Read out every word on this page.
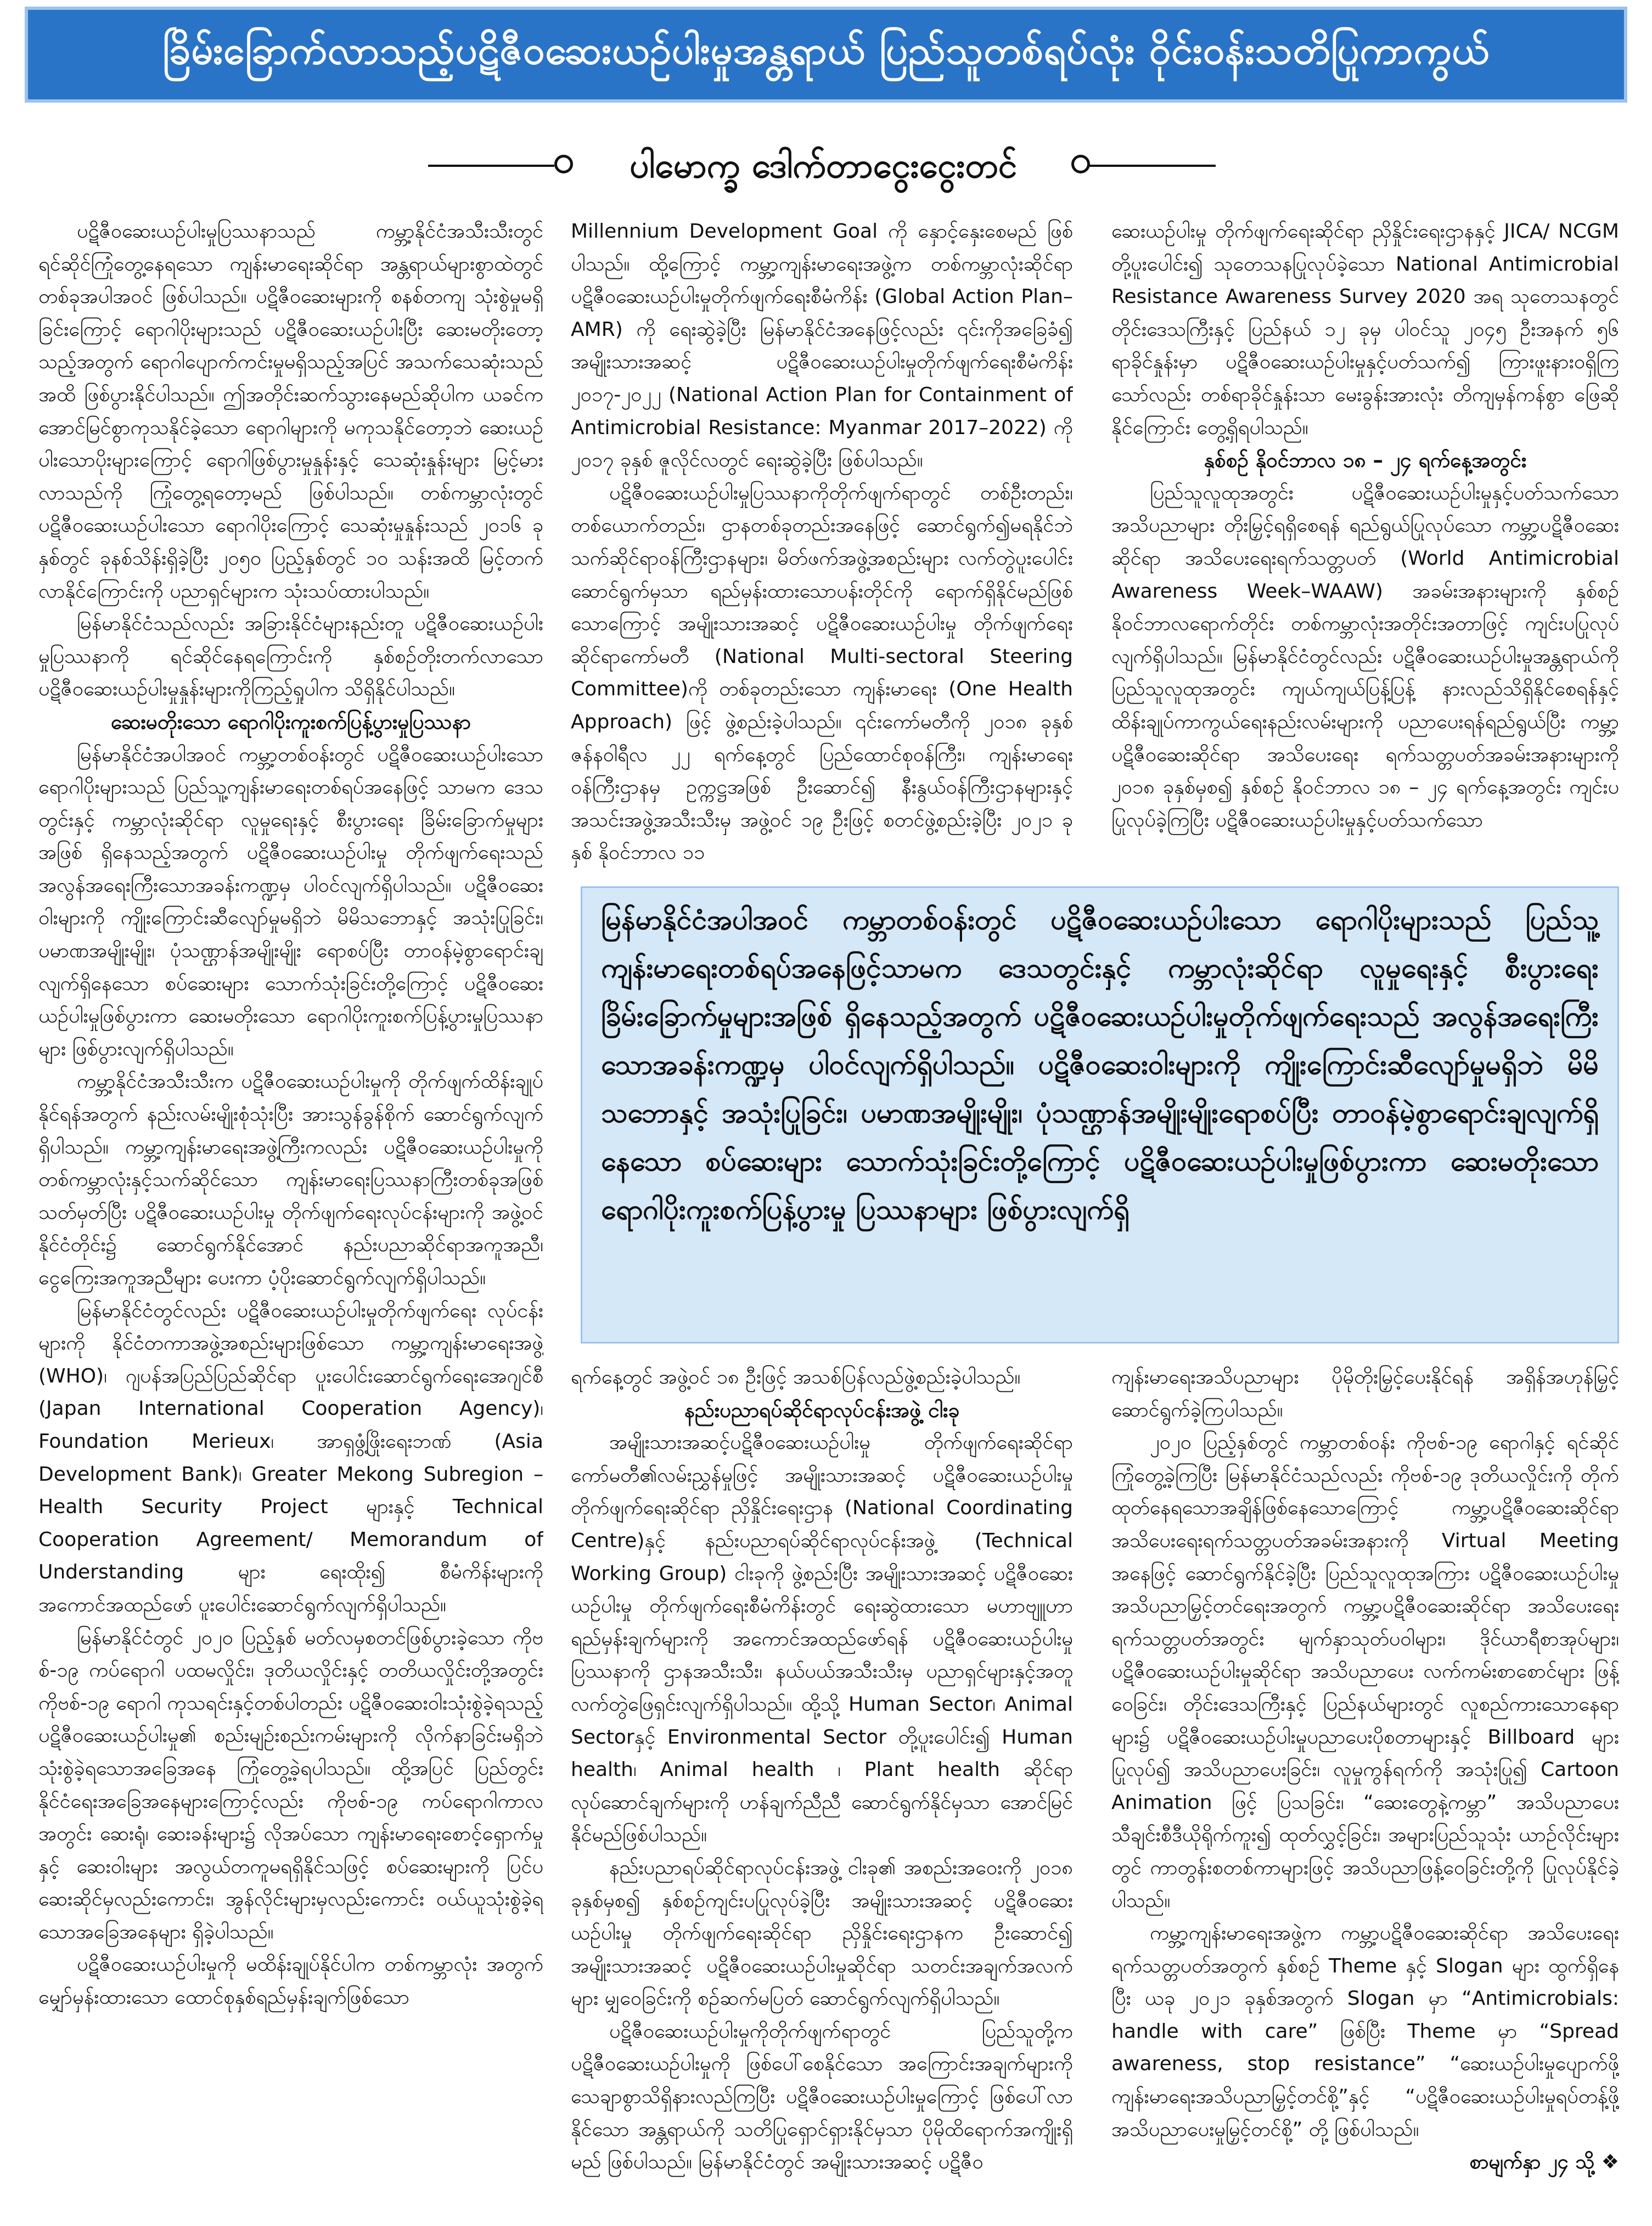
ခြိမ်းခြောက်လာသည့်ပဋိဇီဝဆေးယဉ်ပါးမှုအန္တရာယ် ပြည်သူတစ်ရပ်လုံး ဝိုင်းဝန်းသတိပြုကာကွယ်
ပါမောက္ခ ဒေါက်တာငွေးငွေးတင်

ပဋိဇီဝဆေးယဉ်ပါးမှုပြဿနာသည် ကမ္ဘာ့နိုင်ငံအသီးသီးတွင် ရင်ဆိုင်ကြုံတွေ့နေရသော ကျန်းမာရေးဆိုင်ရာ အန္တရာယ်များစွာထဲတွင် တစ်ခုအပါအဝင် ဖြစ်ပါသည်။ ပဋိဇီဝဆေးများကို စနစ်တကျ သုံးစွဲမှုမရှိခြင်းကြောင့် ရောဂါပိုးများသည် ပဋိဇီဝဆေးယဉ်ပါးပြီး ဆေးမတိုးတော့သည့်အတွက် ရောဂါပျောက်ကင်းမှုမရှိသည့်အပြင် အသက်သေဆုံးသည်အထိ ဖြစ်ပွားနိုင်ပါသည်။ ဤအတိုင်းဆက်သွားနေမည်ဆိုပါက ယခင်က အောင်မြင်စွာကုသနိုင်ခဲ့သော ရောဂါများကို မကုသနိုင်တော့ဘဲ ဆေးယဉ်ပါးသောပိုးများကြောင့် ရောဂါဖြစ်ပွားမှုနှုန်းနှင့် သေဆုံးနှုန်းများ မြင့်မားလာသည်ကို ကြုံတွေ့ရတော့မည် ဖြစ်ပါသည်။ တစ်ကမ္ဘာလုံးတွင် ပဋိဇီဝဆေးယဉ်ပါးသော ရောဂါပိုးကြောင့် သေဆုံးမှုနှုန်းသည် ၂၀၁၆ ခုနှစ်တွင် ခုနစ်သိန်းရှိခဲ့ပြီး ၂၀၅၀ ပြည့်နှစ်တွင် ၁၀ သန်းအထိ မြင့်တက်လာနိုင်ကြောင်းကို ပညာရှင်များက သုံးသပ်ထားပါသည်။

မြန်မာနိုင်ငံသည်လည်း အခြားနိုင်ငံများနည်းတူ ပဋိဇီဝဆေးယဉ်ပါးမှုပြဿနာကို ရင်ဆိုင်နေရကြောင်းကို နှစ်စဉ်တိုးတက်လာသော ပဋိဇီဝဆေးယဉ်ပါးမှုနှုန်းများကိုကြည့်ရှုပါက သိရှိနိုင်ပါသည်။

ဆေးမတိုးသော ရောဂါပိုးကူးစက်ပြန့်ပွားမှုပြဿနာ

မြန်မာနိုင်ငံအပါအဝင် ကမ္ဘာ့တစ်ဝန်းတွင် ပဋိဇီဝဆေးယဉ်ပါးသော ရောဂါပိုးများသည် ပြည်သူ့ကျန်းမာရေးတစ်ရပ်အနေဖြင့် သာမက ဒေသတွင်းနှင့် ကမ္ဘာလုံးဆိုင်ရာ လူမှုရေးနှင့် စီးပွားရေး ခြိမ်းခြောက်မှုများအဖြစ် ရှိနေသည့်အတွက် ပဋိဇီဝဆေးယဉ်ပါးမှု တိုက်ဖျက်ရေးသည် အလွန်အရေးကြီးသောအခန်းကဏ္ဍမှ ပါဝင်လျက်ရှိပါသည်။ ပဋိဇီဝဆေးဝါးများကို ကျိုးကြောင်းဆီလျော်မှုမရှိဘဲ မိမိသဘောနှင့် အသုံးပြုခြင်း၊ ပမာဏအမျိုးမျိုး၊ ပုံသဏ္ဌာန်အမျိုးမျိုး ရောစပ်ပြီး တာဝန်မဲ့စွာရောင်းချလျက်ရှိနေသော စပ်ဆေးများ သောက်သုံးခြင်းတို့ကြောင့် ပဋိဇီဝဆေးယဉ်ပါးမှုဖြစ်ပွားကာ ဆေးမတိုးသော ရောဂါပိုးကူးစက်ပြန့်ပွားမှုပြဿနာများ ဖြစ်ပွားလျက်ရှိပါသည်။

ကမ္ဘာ့နိုင်ငံအသီးသီးက ပဋိဇီဝဆေးယဉ်ပါးမှုကို တိုက်ဖျက်ထိန်းချုပ်နိုင်ရန်အတွက် နည်းလမ်းမျိုးစုံသုံးပြီး အားသွန်ခွန်စိုက် ဆောင်ရွက်လျက်ရှိပါသည်။ ကမ္ဘာ့ကျန်းမာရေးအဖွဲ့ကြီးကလည်း ပဋိဇီဝဆေးယဉ်ပါးမှုကို တစ်ကမ္ဘာလုံးနှင့်သက်ဆိုင်သော ကျန်းမာရေးပြဿနာကြီးတစ်ခုအဖြစ်သတ်မှတ်ပြီး ပဋိဇီဝဆေးယဉ်ပါးမှု တိုက်ဖျက်ရေးလုပ်ငန်းများကို အဖွဲ့ဝင်နိုင်ငံတိုင်း၌ ဆောင်ရွက်နိုင်အောင် နည်းပညာဆိုင်ရာအကူအညီ၊ ငွေကြေးအကူအညီများ ပေးကာ ပံ့ပိုးဆောင်ရွက်လျက်ရှိပါသည်။

မြန်မာနိုင်ငံတွင်လည်း ပဋိဇီဝဆေးယဉ်ပါးမှုတိုက်ဖျက်ရေး လုပ်ငန်းများကို နိုင်ငံတကာအဖွဲ့အစည်းများဖြစ်သော ကမ္ဘာ့ကျန်းမာရေးအဖွဲ့ (WHO)၊ ဂျပန်အပြည်ပြည်ဆိုင်ရာ ပူးပေါင်းဆောင်ရွက်ရေးအေဂျင်စီ (Japan International Cooperation Agency)၊ Foundation Merieux၊ အာရှဖွံ့ဖြိုးရေးဘဏ် (Asia Development Bank)၊ Greater Mekong Subregion – Health Security Project များနှင့် Technical Cooperation Agreement/ Memorandum of Understanding များ ရေးထိုး၍ စီမံကိန်းများကို အကောင်အထည်ဖော် ပူးပေါင်းဆောင်ရွက်လျက်ရှိပါသည်။

မြန်မာနိုင်ငံတွင် ၂၀၂၀ ပြည့်နှစ် မတ်လမှစတင်ဖြစ်ပွားခဲ့သော ကိုဗစ်-၁၉ ကပ်ရောဂါ ပထမလှိုင်း၊ ဒုတိယလှိုင်းနှင့် တတိယလှိုင်းတို့အတွင်း ကိုဗစ်-၁၉ ရောဂါ ကုသရင်းနှင့်တစ်ပါတည်း ပဋိဇီဝဆေးဝါးသုံးစွဲခဲ့ရသည့် ပဋိဇီဝဆေးယဉ်ပါးမှု၏ စည်းမျဉ်းစည်းကမ်းများကို လိုက်နာခြင်းမရှိဘဲ သုံးစွဲခဲ့ရသောအခြေအနေ ကြုံတွေ့ခဲ့ရပါသည်။ ထို့အပြင် ပြည်တွင်းနိုင်ငံရေးအခြေအနေများကြောင့်လည်း ကိုဗစ်-၁၉ ကပ်ရောဂါကာလအတွင်း ဆေးရုံ၊ ဆေးခန်းများ၌ လိုအပ်သော ကျန်းမာရေးစောင့်ရှောက်မှုနှင့် ဆေးဝါးများ အလွယ်တကူမရရှိနိုင်သဖြင့် စပ်ဆေးများကို ပြင်ပဆေးဆိုင်မှလည်းကောင်း၊ အွန်လိုင်းများမှလည်းကောင်း ဝယ်ယူသုံးစွဲခဲ့ရသောအခြေအနေများ ရှိခဲ့ပါသည်။

ပဋိဇီဝဆေးယဉ်ပါးမှုကို မထိန်းချုပ်နိုင်ပါက တစ်ကမ္ဘာလုံး အတွက်မျှော်မှန်းထားသော ထောင်စုနှစ်ရည်မှန်းချက်ဖြစ်သော

Millennium Development Goal ကို နှောင့်နှေးစေမည် ဖြစ်ပါသည်။ ထို့ကြောင့် ကမ္ဘာ့ကျန်းမာရေးအဖွဲ့က တစ်ကမ္ဘာလုံးဆိုင်ရာ ပဋိဇီဝဆေးယဉ်ပါးမှုတိုက်ဖျက်ရေးစီမံကိန်း (Global Action Plan–AMR) ကို ရေးဆွဲခဲ့ပြီး မြန်မာနိုင်ငံအနေဖြင့်လည်း ၎င်းကိုအခြေခံ၍ အမျိုးသားအဆင့် ပဋိဇီဝဆေးယဉ်ပါးမှုတိုက်ဖျက်ရေးစီမံကိန်း ၂၀၁၇-၂၀၂၂ (National Action Plan for Containment of Antimicrobial Resistance: Myanmar 2017–2022) ကို ၂၀၁၇ ခုနှစ် ဇူလိုင်လတွင် ရေးဆွဲခဲ့ပြီး ဖြစ်ပါသည်။

ပဋိဇီဝဆေးယဉ်ပါးမှုပြဿနာကိုတိုက်ဖျက်ရာတွင် တစ်ဦးတည်း၊ တစ်ယောက်တည်း၊ ဌာနတစ်ခုတည်းအနေဖြင့် ဆောင်ရွက်၍မရနိုင်ဘဲ သက်ဆိုင်ရာဝန်ကြီးဌာနများ၊ မိတ်ဖက်အဖွဲ့အစည်းများ လက်တွဲပူးပေါင်းဆောင်ရွက်မှသာ ရည်မှန်းထားသောပန်းတိုင်ကို ရောက်ရှိနိုင်မည်ဖြစ်သောကြောင့် အမျိုးသားအဆင့် ပဋိဇီဝဆေးယဉ်ပါးမှု တိုက်ဖျက်ရေးဆိုင်ရာကော်မတီ (National Multi-sectoral Steering Committee)ကို တစ်ခုတည်းသော ကျန်းမာရေး (One Health Approach) ဖြင့် ဖွဲ့စည်းခဲ့ပါသည်။ ၎င်းကော်မတီကို ၂၀၁၈ ခုနှစ် ဇန်နဝါရီလ ၂၂ ရက်နေ့တွင် ပြည်ထောင်စုဝန်ကြီး၊ ကျန်းမာရေးဝန်ကြီးဌာနမှ ဥက္ကဋ္ဌအဖြစ် ဦးဆောင်၍ နီးနွယ်ဝန်ကြီးဌာနများနှင့် အသင်းအဖွဲ့အသီးသီးမှ အဖွဲ့ဝင် ၁၉ ဦးဖြင့် စတင်ဖွဲ့စည်းခဲ့ပြီး ၂၀၂၁ ခုနှစ် နိုဝင်ဘာလ ၁၁

ဆေးယဉ်ပါးမှု တိုက်ဖျက်ရေးဆိုင်ရာ ညှိနှိုင်းရေးဌာနနှင့် JICA/ NCGM တို့ပူးပေါင်း၍ သုတေသနပြုလုပ်ခဲ့သော National Antimicrobial Resistance Awareness Survey 2020 အရ သုတေသနတွင် တိုင်းဒေသကြီးနှင့် ပြည်နယ် ၁၂ ခုမှ ပါဝင်သူ ၂၀၄၅ ဦးအနက် ၅၆ ရာခိုင်နှုန်းမှာ ပဋိဇီဝဆေးယဉ်ပါးမှုနှင့်ပတ်သက်၍ ကြားဖူးနားဝရှိကြသော်လည်း တစ်ရာခိုင်နှုန်းသာ မေးခွန်းအားလုံး တိကျမှန်ကန်စွာ ဖြေဆိုနိုင်ကြောင်း တွေ့ရှိရပါသည်။

နှစ်စဉ် နိုဝင်ဘာလ ၁၈ – ၂၄ ရက်နေ့အတွင်း

ပြည်သူလူထုအတွင်း ပဋိဇီဝဆေးယဉ်ပါးမှုနှင့်ပတ်သက်သော အသိပညာများ တိုးမြှင့်ရရှိစေရန် ရည်ရွယ်ပြုလုပ်သော ကမ္ဘာ့ပဋိဇီဝဆေးဆိုင်ရာ အသိပေးရေးရက်သတ္တပတ် (World Antimicrobial Awareness Week–WAAW) အခမ်းအနားများကို နှစ်စဉ် နိုဝင်ဘာလရောက်တိုင်း တစ်ကမ္ဘာလုံးအတိုင်းအတာဖြင့် ကျင်းပပြုလုပ်လျက်ရှိပါသည်။ မြန်မာနိုင်ငံတွင်လည်း ပဋိဇီဝဆေးယဉ်ပါးမှုအန္တရာယ်ကို ပြည်သူလူထုအတွင်း ကျယ်ကျယ်ပြန့်ပြန့် နားလည်သိရှိနိုင်စေရန်နှင့် ထိန်းချုပ်ကာကွယ်ရေးနည်းလမ်းများကို ပညာပေးရန်ရည်ရွယ်ပြီး ကမ္ဘာ့ပဋိဇီဝဆေးဆိုင်ရာ အသိပေးရေး ရက်သတ္တပတ်အခမ်းအနားများကို ၂၀၁၈ ခုနှစ်မှစ၍ နှစ်စဉ် နိုဝင်ဘာလ ၁၈ – ၂၄ ရက်နေ့အတွင်း ကျင်းပပြုလုပ်ခဲ့ကြပြီး ပဋိဇီဝဆေးယဉ်ပါးမှုနှင့်ပတ်သက်သော

မြန်မာနိုင်ငံအပါအဝင် ကမ္ဘာတစ်ဝန်းတွင် ပဋိဇီဝဆေးယဉ်ပါးသော ရောဂါပိုးများသည် ပြည်သူ့ကျန်းမာရေးတစ်ရပ်အနေဖြင့်သာမက ဒေသတွင်းနှင့် ကမ္ဘာလုံးဆိုင်ရာ လူမှုရေးနှင့် စီးပွားရေးခြိမ်းခြောက်မှုများအဖြစ် ရှိနေသည့်အတွက် ပဋိဇီဝဆေးယဉ်ပါးမှုတိုက်ဖျက်ရေးသည် အလွန်အရေးကြီးသောအခန်းကဏ္ဍမှ ပါဝင်လျက်ရှိပါသည်။ ပဋိဇီဝဆေးဝါးများကို ကျိုးကြောင်းဆီလျော်မှုမရှိဘဲ မိမိသဘောနှင့် အသုံးပြုခြင်း၊ ပမာဏအမျိုးမျိုး၊ ပုံသဏ္ဌာန်အမျိုးမျိုးရောစပ်ပြီး တာဝန်မဲ့စွာရောင်းချလျက်ရှိနေသော စပ်ဆေးများ သောက်သုံးခြင်းတို့ကြောင့် ပဋိဇီဝဆေးယဉ်ပါးမှုဖြစ်ပွားကာ ဆေးမတိုးသော ရောဂါပိုးကူးစက်ပြန့်ပွားမှု ပြဿနာများ ဖြစ်ပွားလျက်ရှိ

ရက်နေ့တွင် အဖွဲ့ဝင် ၁၈ ဦးဖြင့် အသစ်ပြန်လည်ဖွဲ့စည်းခဲ့ပါသည်။

နည်းပညာရပ်ဆိုင်ရာလုပ်ငန်းအဖွဲ့ ငါးခု

အမျိုးသားအဆင့်ပဋိဇီဝဆေးယဉ်ပါးမှု တိုက်ဖျက်ရေးဆိုင်ရာ ကော်မတီ၏လမ်းညွှန်မှုဖြင့် အမျိုးသားအဆင့် ပဋိဇီဝဆေးယဉ်ပါးမှု တိုက်ဖျက်ရေးဆိုင်ရာ ညှိနှိုင်းရေးဌာန (National Coordinating Centre)နှင့် နည်းပညာရပ်ဆိုင်ရာလုပ်ငန်းအဖွဲ့ (Technical Working Group) ငါးခုကို ဖွဲ့စည်းပြီး အမျိုးသားအဆင့် ပဋိဇီဝဆေးယဉ်ပါးမှု တိုက်ဖျက်ရေးစီမံကိန်းတွင် ရေးဆွဲထားသော မဟာဗျူဟာ ရည်မှန်းချက်များကို အကောင်အထည်ဖော်ရန် ပဋိဇီဝဆေးယဉ်ပါးမှုပြဿနာကို ဌာနအသီးသီး၊ နယ်ပယ်အသီးသီးမှ ပညာရှင်များနှင့်အတူ လက်တွဲဖြေရှင်းလျက်ရှိပါသည်။ ထို့သို့ Human Sector၊ Animal Sectorနှင့် Environmental Sector တို့ပူးပေါင်း၍ Human health၊ Animal health ၊ Plant health ဆိုင်ရာ လုပ်ဆောင်ချက်များကို ဟန်ချက်ညီညီ ဆောင်ရွက်နိုင်မှသာ အောင်မြင်နိုင်မည်ဖြစ်ပါသည်။

နည်းပညာရပ်ဆိုင်ရာလုပ်ငန်းအဖွဲ့ ငါးခု၏ အစည်းအဝေးကို ၂၀၁၈ ခုနှစ်မှစ၍ နှစ်စဉ်ကျင်းပပြုလုပ်ခဲ့ပြီး အမျိုးသားအဆင့် ပဋိဇီဝဆေးယဉ်ပါးမှု တိုက်ဖျက်ရေးဆိုင်ရာ ညှိနှိုင်းရေးဌာနက ဦးဆောင်၍ အမျိုးသားအဆင့် ပဋိဇီဝဆေးယဉ်ပါးမှုဆိုင်ရာ သတင်းအချက်အလက်များ မျှဝေခြင်းကို စဉ်ဆက်မပြတ် ဆောင်ရွက်လျက်ရှိပါသည်။

ပဋိဇီဝဆေးယဉ်ပါးမှုကိုတိုက်ဖျက်ရာတွင် ပြည်သူတို့က ပဋိဇီဝဆေးယဉ်ပါးမှုကို ဖြစ်ပေါ်စေနိုင်သော အကြောင်းအချက်များကို သေချာစွာသိရှိနားလည်ကြပြီး ပဋိဇီဝဆေးယဉ်ပါးမှုကြောင့် ဖြစ်ပေါ်လာနိုင်သော အန္တရာယ်ကို သတိပြုရှောင်ရှားနိုင်မှသာ ပိုမိုထိရောက်အကျိုးရှိမည် ဖြစ်ပါသည်။ မြန်မာနိုင်ငံတွင် အမျိုးသားအဆင့် ပဋိဇီဝ

ကျန်းမာရေးအသိပညာများ ပိုမိုတိုးမြှင့်ပေးနိုင်ရန် အရှိန်အဟုန်မြှင့် ဆောင်ရွက်ခဲ့ကြပါသည်။

၂၀၂၀ ပြည့်နှစ်တွင် ကမ္ဘာတစ်ဝန်း ကိုဗစ်-၁၉ ရောဂါနှင့် ရင်ဆိုင်ကြုံတွေ့ခဲ့ကြပြီး မြန်မာနိုင်ငံသည်လည်း ကိုဗစ်-၁၉ ဒုတိယလှိုင်းကို တိုက်ထုတ်နေရသောအချိန်ဖြစ်နေသောကြောင့် ကမ္ဘာ့ပဋိဇီဝဆေးဆိုင်ရာ အသိပေးရေးရက်သတ္တပတ်အခမ်းအနားကို Virtual Meeting အနေဖြင့် ဆောင်ရွက်နိုင်ခဲ့ပြီး ပြည်သူလူထုအကြား ပဋိဇီဝဆေးယဉ်ပါးမှု အသိပညာမြှင့်တင်ရေးအတွက် ကမ္ဘာ့ပဋိဇီဝဆေးဆိုင်ရာ အသိပေးရေး ရက်သတ္တပတ်အတွင်း မျက်နှာသုတ်ပဝါများ၊ ဒိုင်ယာရီစာအုပ်များ၊ ပဋိဇီဝဆေးယဉ်ပါးမှုဆိုင်ရာ အသိပညာပေး လက်ကမ်းစာစောင်များ ဖြန့်ဝေခြင်း၊ တိုင်းဒေသကြီးနှင့် ပြည်နယ်များတွင် လူစည်ကားသောနေရာများ၌ ပဋိဇီဝဆေးယဉ်ပါးမှုပညာပေးပိုစတာများနှင့် Billboard များပြုလုပ်၍ အသိပညာပေးခြင်း၊ လူမှုကွန်ရက်ကို အသုံးပြု၍ Cartoon Animation ဖြင့် ပြသခြင်း၊ “ဆေးတွေနဲ့ကမ္ဘာ” အသိပညာပေး သီချင်းစီဒီယိုရိုက်ကူး၍ ထုတ်လွှင့်ခြင်း၊ အများပြည်သူသုံး ယာဉ်လိုင်းများတွင် ကာတွန်းစတစ်ကာများဖြင့် အသိပညာဖြန့်ဝေခြင်းတို့ကို ပြုလုပ်နိုင်ခဲ့ပါသည်။

ကမ္ဘာ့ကျန်းမာရေးအဖွဲ့က ကမ္ဘာ့ပဋိဇီဝဆေးဆိုင်ရာ အသိပေးရေး ရက်သတ္တပတ်အတွက် နှစ်စဉ် Theme နှင့် Slogan များ ထွက်ရှိနေပြီး ယခု ၂၀၂၁ ခုနှစ်အတွက် Slogan မှာ “Antimicrobials: handle with care” ဖြစ်ပြီး Theme မှာ “Spread awareness, stop resistance” “ဆေးယဉ်ပါးမှုပျောက်ဖို့ ကျန်းမာရေးအသိပညာမြှင့်တင်စို့”နှင့် “ပဋိဇီဝဆေးယဉ်ပါးမှုရပ်တန့်ဖို့ အသိပညာပေးမှုမြှင့်တင်စို့” တို့ ဖြစ်ပါသည်။

စာမျက်နှာ ၂၄ သို့ ❖
